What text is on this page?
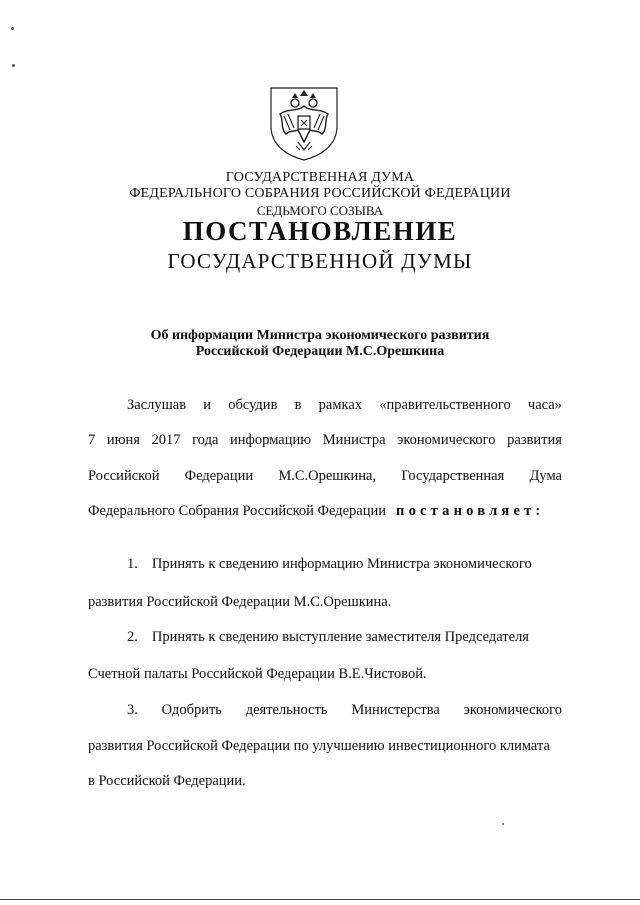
ГОСУДАРСТВЕННАЯ ДУМА
ФЕДЕРАЛЬНОГО СОБРАНИЯ РОССИЙСКОЙ ФЕДЕРАЦИИ
СЕДЬМОГО СОЗЫВА
ПОСТАНОВЛЕНИЕ
ГОСУДАРСТВЕННОЙ ДУМЫ
Об информации Министра экономического развития
Российской Федерации М.С.Орешкина
Заслушав и обсудив в рамках «правительственного часа»
7 июня 2017 года информацию Министра экономического развития
Российской Федерации М.С.Орешкина, Государственная Дума
Федерального Собрания Российской Федерации постановляет:
1. Принять к сведению информацию Министра экономического
развития Российской Федерации М.С.Орешкина.
2. Принять к сведению выступление заместителя Председателя
Счетной палаты Российской Федерации В.Е.Чистовой.
3. Одобрить деятельность Министерства экономического
развития Российской Федерации по улучшению инвестиционного климата
в Российской Федерации.
